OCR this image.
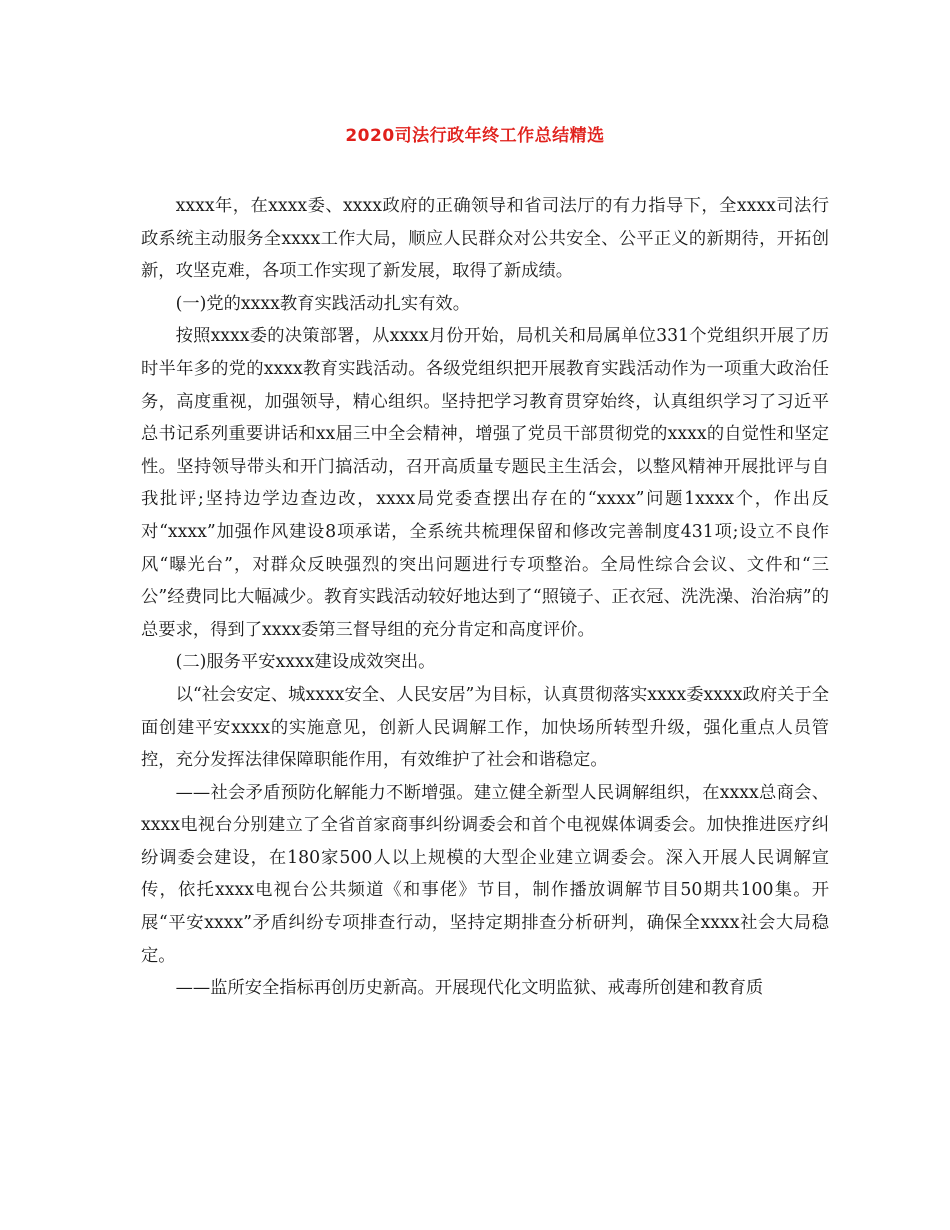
2020司法行政年终工作总结精选

xxxx年，在xxxx委、xxxx政府的正确领导和省司法厅的有力指导下，全xxxx司法行政系统主动服务全xxxx工作大局，顺应人民群众对公共安全、公平正义的新期待，开拓创新，攻坚克难，各项工作实现了新发展，取得了新成绩。

(一)党的xxxx教育实践活动扎实有效。

按照xxxx委的决策部署，从xxxx月份开始，局机关和局属单位331个党组织开展了历时半年多的党的xxxx教育实践活动。各级党组织把开展教育实践活动作为一项重大政治任务，高度重视，加强领导，精心组织。坚持把学习教育贯穿始终，认真组织学习了习近平总书记系列重要讲话和xx届三中全会精神，增强了党员干部贯彻党的xxxx的自觉性和坚定性。坚持领导带头和开门搞活动，召开高质量专题民主生活会，以整风精神开展批评与自我批评;坚持边学边查边改，xxxx局党委查摆出存在的“xxxx”问题1xxxx个，作出反对“xxxx”加强作风建设8项承诺，全系统共梳理保留和修改完善制度431项;设立不良作风“曝光台”，对群众反映强烈的突出问题进行专项整治。全局性综合会议、文件和“三公”经费同比大幅减少。教育实践活动较好地达到了“照镜子、正衣冠、洗洗澡、治治病”的总要求，得到了xxxx委第三督导组的充分肯定和高度评价。

(二)服务平安xxxx建设成效突出。

以“社会安定、城xxxx安全、人民安居”为目标，认真贯彻落实xxxx委xxxx政府关于全面创建平安xxxx的实施意见，创新人民调解工作，加快场所转型升级，强化重点人员管控，充分发挥法律保障职能作用，有效维护了社会和谐稳定。

——社会矛盾预防化解能力不断增强。建立健全新型人民调解组织，在xxxx总商会、xxxx电视台分别建立了全省首家商事纠纷调委会和首个电视媒体调委会。加快推进医疗纠纷调委会建设，在180家500人以上规模的大型企业建立调委会。深入开展人民调解宣传，依托xxxx电视台公共频道《和事佬》节目，制作播放调解节目50期共100集。开展“平安xxxx”矛盾纠纷专项排查行动，坚持定期排查分析研判，确保全xxxx社会大局稳定。

——监所安全指标再创历史新高。开展现代化文明监狱、戒毒所创建和教育质
